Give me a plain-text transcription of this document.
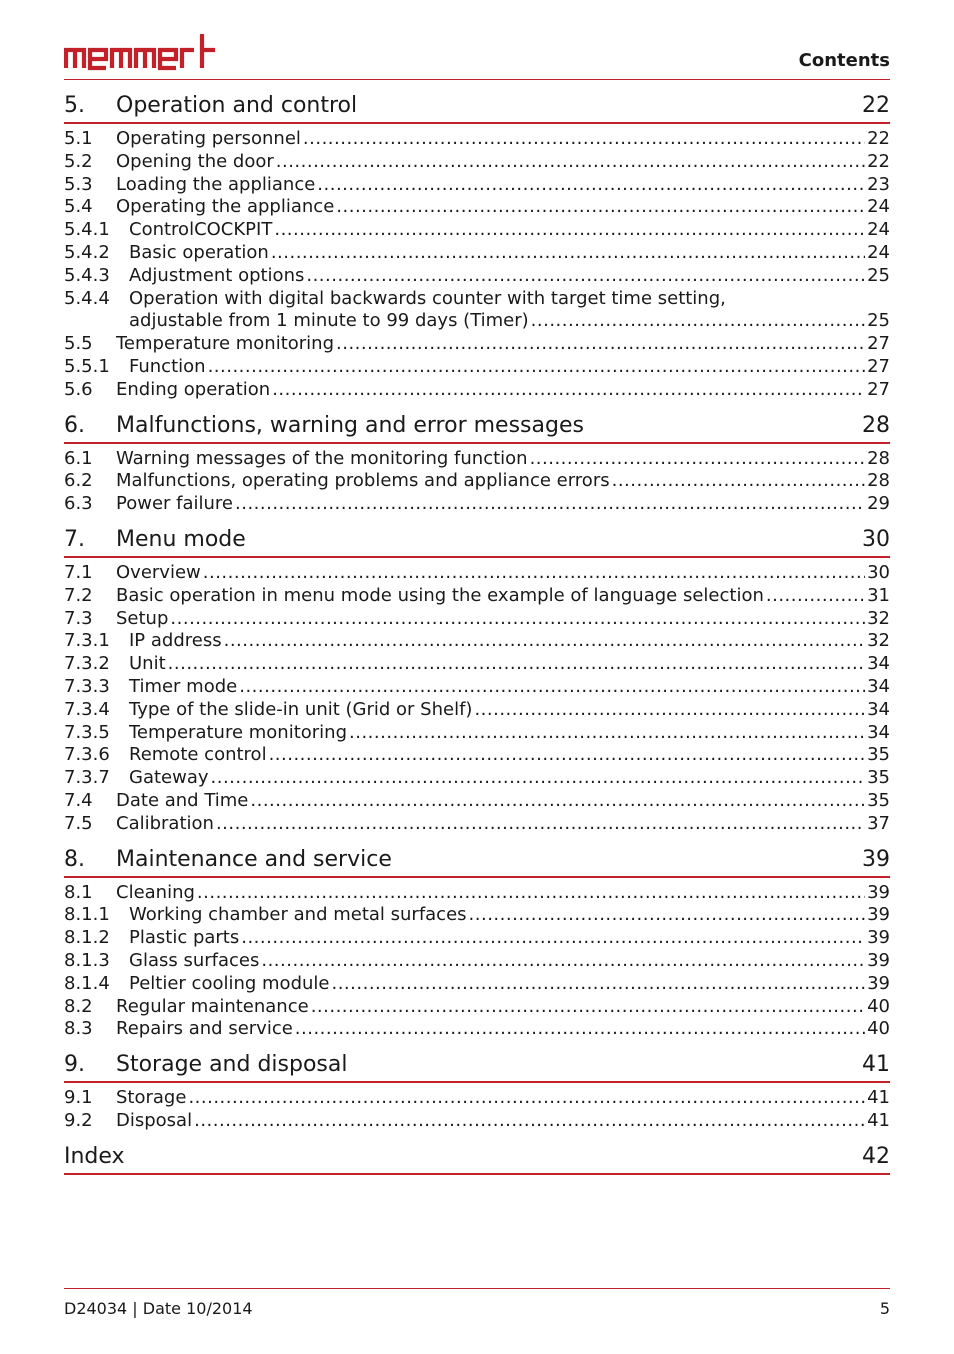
Contents
5. Operation and control	22
5.1 Operating personnel .....	22
5.2 Opening the door .....	22
5.3 Loading the appliance .....	23
5.4 Operating the appliance .....	24
5.4.1 ControlCOCKPIT .....	24
5.4.2 Basic operation .....	24
5.4.3 Adjustment options .....	25
5.4.4 Operation with digital backwards counter with target time setting,
adjustable from 1 minute to 99 days (Timer) .....	25
5.5 Temperature monitoring .....	27
5.5.1 Function .....	27
5.6 Ending operation .....	27
6. Malfunctions, warning and error messages	28
6.1 Warning messages of the monitoring function .....	28
6.2 Malfunctions, operating problems and appliance errors .....	28
6.3 Power failure .....	29
7. Menu mode	30
7.1 Overview .....	30
7.2 Basic operation in menu mode using the example of language selection .....	31
7.3 Setup .....	32
7.3.1 IP address .....	32
7.3.2 Unit .....	34
7.3.3 Timer mode .....	34
7.3.4 Type of the slide-in unit (Grid or Shelf) .....	34
7.3.5 Temperature monitoring .....	34
7.3.6 Remote control .....	35
7.3.7 Gateway .....	35
7.4 Date and Time .....	35
7.5 Calibration .....	37
8. Maintenance and service	39
8.1 Cleaning .....	39
8.1.1 Working chamber and metal surfaces .....	39
8.1.2 Plastic parts .....	39
8.1.3 Glass surfaces .....	39
8.1.4 Peltier cooling module .....	39
8.2 Regular maintenance .....	40
8.3 Repairs and service .....	40
9. Storage and disposal	41
9.1 Storage .....	41
9.2 Disposal .....	41
Index	42
D24034 | Date 10/2014	5
